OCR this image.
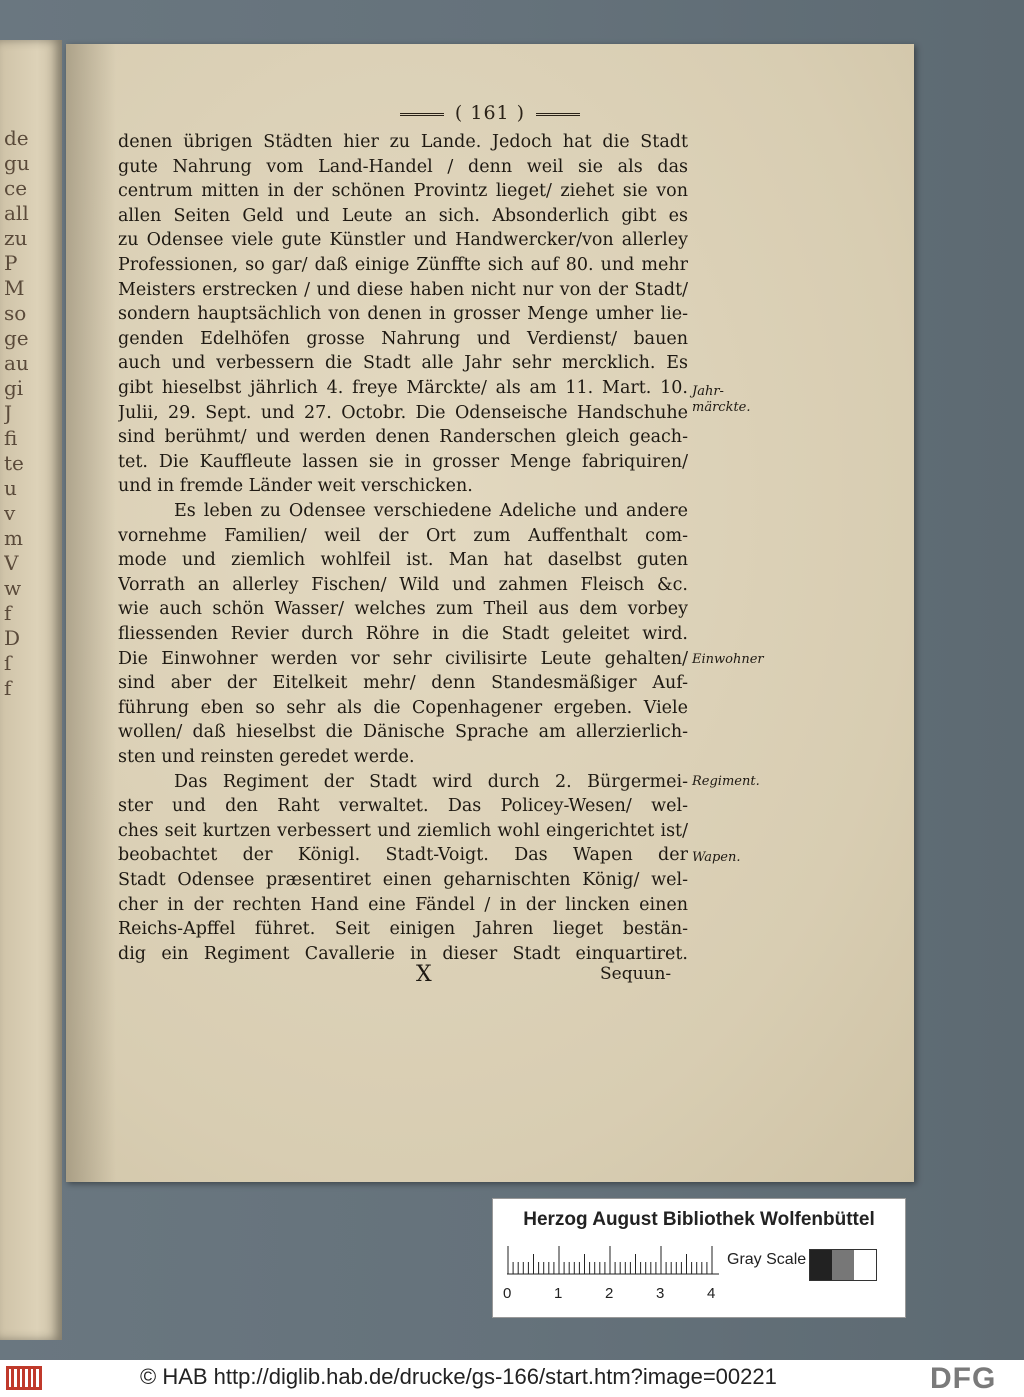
de
gu
ce
all
zu
P
M
so
ge
au
gi
J
fi
te
u
v
m
V
w
f
D
ſ
f
( 161 )
Jahr-
märckte.
Einwohner
Regiment.
Wapen.
X	Sequun-
denen übrigen Städten hier zu Lande. Jedoch hat die Stadt
gute Nahrung vom Land-Handel / denn weil sie als das
centrum mitten in der schönen Provintz lieget/ ziehet sie von
allen Seiten Geld und Leute an sich. Absonderlich gibt es
zu Odensee viele gute Künstler und Handwercker/von allerley
Professionen, so gar/ daß einige Zünffte sich auf 80. und mehr
Meisters erstrecken / und diese haben nicht nur von der Stadt/
sondern hauptsächlich von denen in grosser Menge umher lie-
genden Edelhöfen grosse Nahrung und Verdienst/ bauen
auch und verbessern die Stadt alle Jahr sehr mercklich. Es
gibt hieselbst jährlich 4. freye Märckte/ als am 11. Mart. 10.
Julii, 29. Sept. und 27. Octobr. Die Odenseische Handschuhe
sind berühmt/ und werden denen Randerschen gleich geach-
tet. Die Kauffleute lassen sie in grosser Menge fabriquiren/
und in fremde Länder weit verschicken.
Es leben zu Odensee verschiedene Adeliche und andere
vornehme Familien/ weil der Ort zum Auffenthalt com-
mode und ziemlich wohlfeil ist. Man hat daselbst guten
Vorrath an allerley Fischen/ Wild und zahmen Fleisch &c.
wie auch schön Wasser/ welches zum Theil aus dem vorbey
fliessenden Revier durch Röhre in die Stadt geleitet wird.
Die Einwohner werden vor sehr civilisirte Leute gehalten/
sind aber der Eitelkeit mehr/ denn Standesmäßiger Auf-
führung eben so sehr als die Copenhagener ergeben. Viele
wollen/ daß hieselbst die Dänische Sprache am allerzierlich-
sten und reinsten geredet werde.
Das Regiment der Stadt wird durch 2. Bürgermei-
ster und den Raht verwaltet. Das Policey-Wesen/ wel-
ches seit kurtzen verbessert und ziemlich wohl eingerichtet ist/
beobachtet der Königl. Stadt-Voigt. Das Wapen der
Stadt Odensee præsentiret einen geharnischten König/ wel-
cher in der rechten Hand eine Fändel / in der lincken einen
Reichs-Apffel führet. Seit einigen Jahren lieget bestän-
dig ein Regiment Cavallerie in dieser Stadt einquartiret.
Herzog August Bibliothek Wolfenbüttel
0	1	2	3	4
Gray Scale
© HAB http://diglib.hab.de/drucke/gs-166/start.htm?image=00221	DFG
